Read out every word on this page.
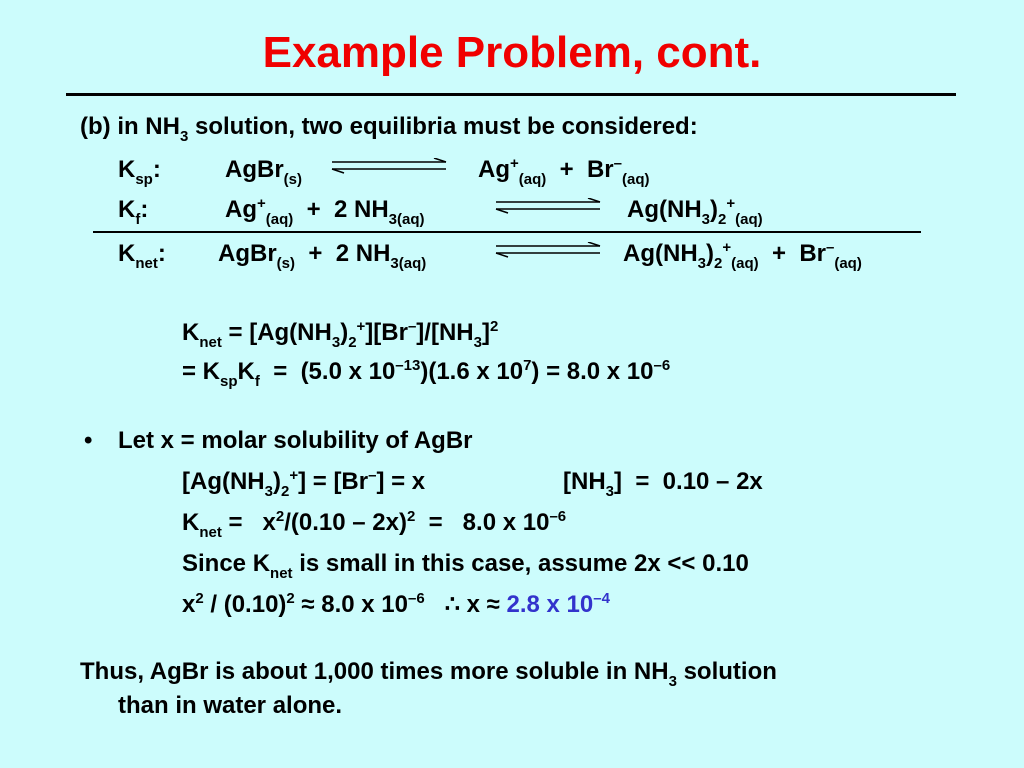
Example Problem, cont.
(b) in $NH_3$ solution, two equilibria must be considered:
$K_{sp}$:	AgBr$_{(s)}$	$Ag^+_{(aq)} + Br^-_{(aq)}$
$K_f$:	$Ag^+_{(aq)} + 2$ $NH_{3(aq)}$	$Ag(NH_3)_2^+_{(aq)}$
$K_{net}$: AgBr$_{(s)}$ + 2 $NH_{3(aq)}$	$Ag(NH_3)_2^+_{(aq)} + Br^-_{(aq)}$
$K_{net} = [Ag(NH_3)_2^+][Br^-]/[NH_3]^2$
= $K_{sp}K_f = (5.0$ x $10^{-13})(1.6$ x $10^7) = 8.0$ x $10^{-6}$
• Let x = molar solubility of AgBr
$[Ag(NH_3)_2^+] = [Br^-] = x$	$[NH_3] = 0.10 - 2x$
$K_{net} = x^2/(0.10 - 2x)^2 = 8.0$ x $10^{-6}$
Since $K_{net}$ is small in this case, assume 2x << 0.10
$x^2 / (0.10)^2 \approx 8.0$ x $10^{-6}$   ∴ x ≈ 2.8 x $10^{-4}$
Thus, AgBr is about 1,000 times more soluble in $NH_3$ solution
than in water alone.
